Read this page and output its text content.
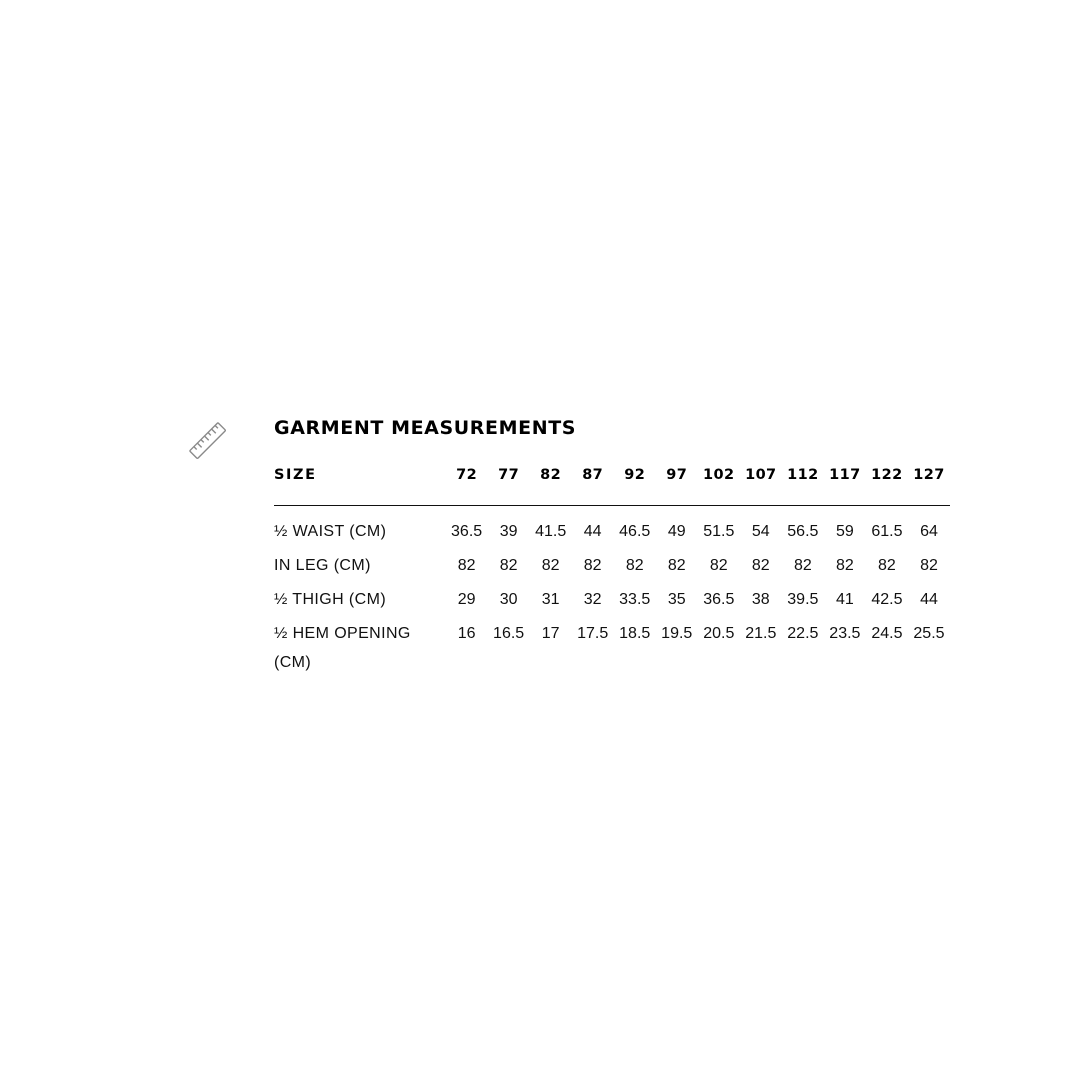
GARMENT MEASUREMENTS
SIZE	72	77	82	87	92	97	102	107	112	117	122	127
½ WAIST (CM)	36.5	39	41.5	44	46.5	49	51.5	54	56.5	59	61.5	64
IN LEG (CM)	82	82	82	82	82	82	82	82	82	82	82	82
½ THIGH (CM)	29	30	31	32	33.5	35	36.5	38	39.5	41	42.5	44
½ HEM OPENING (CM)	16	16.5	17	17.5	18.5	19.5	20.5	21.5	22.5	23.5	24.5	25.5
